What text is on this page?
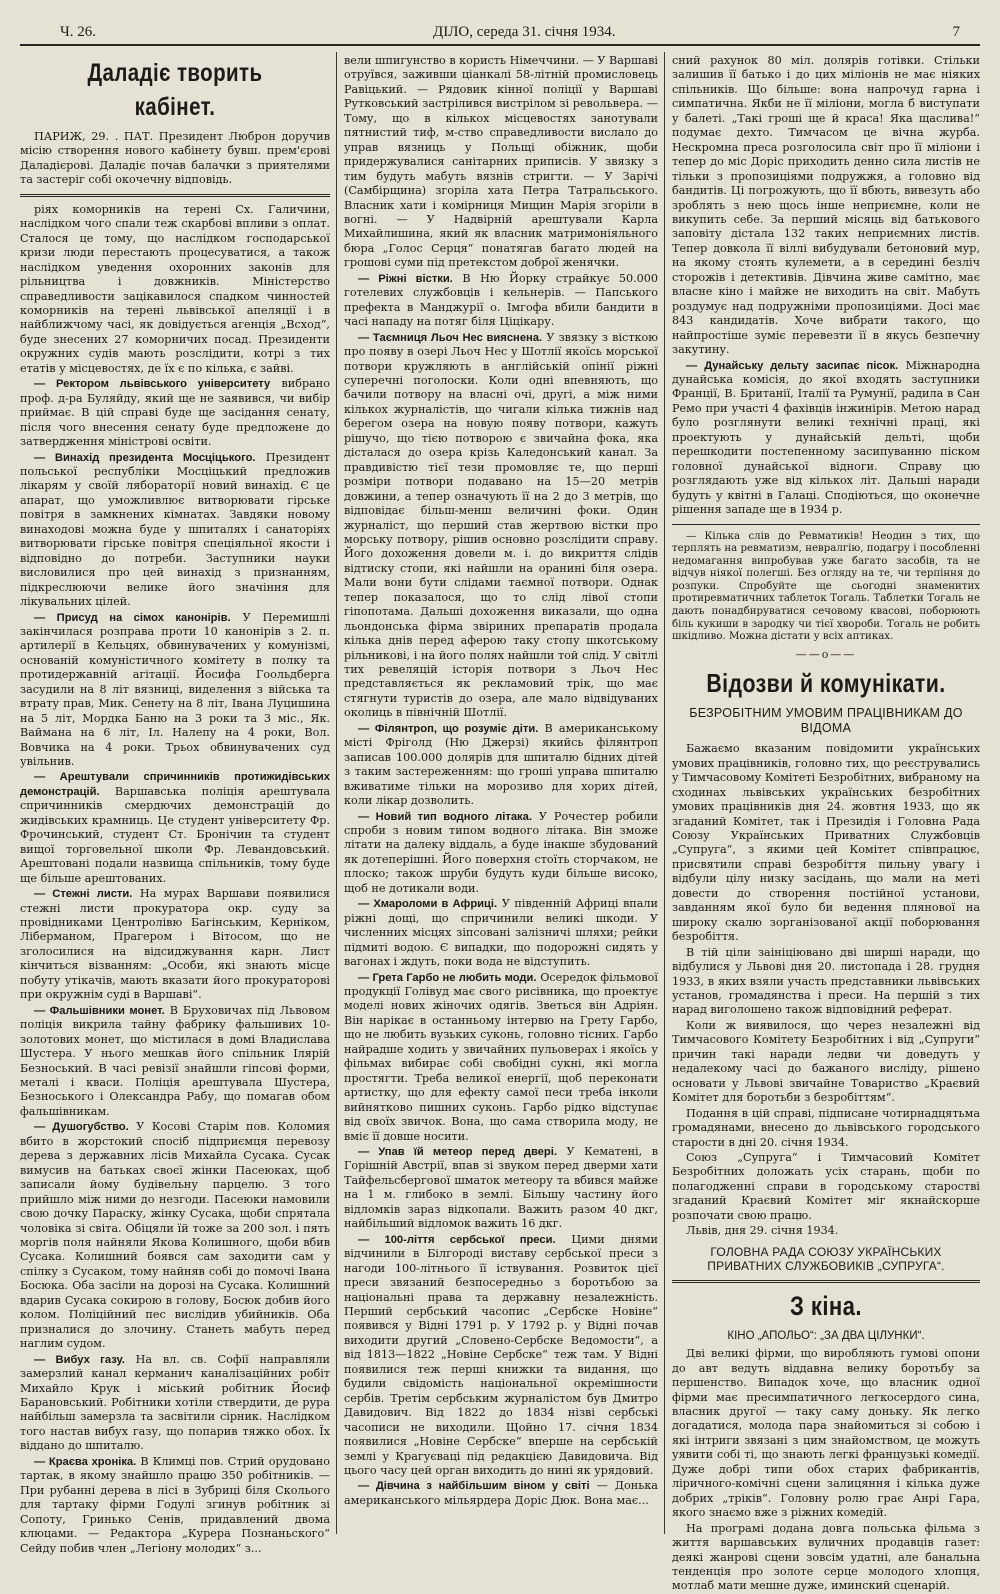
Ч. 26.	ДІЛО, середа 31. січня 1934.	7
Даладіє творить кабінет.

ПАРИЖ, 29. . ПАТ. Президент Люброн доручив місію створення нового кабінету бувш. прем'єрові Даладієрові. Даладіє почав балачки з приятелями та застеріг собі окочечну відповідь.

ріях коморників на терені Сх. Галичини, наслідком чого спали теж скарбові впливи з оплат. Сталося це тому, що наслідком господарської кризи люди перестають процесуватися, а також наслідком уведення охоронних законів для рільництва і довжників. Міністерство справедливости зацікавилося спадком чинностей коморників на терені львівської апеляції і в найближчому часі, як довідується агенція „Всход“, буде знесених 27 коморничих посад. Президенти окружних судів мають розслідити, котрі з тих етатів у місцевостях, де їх є по кілька, є зайві.

— Ректором львівського університету вибрано проф. д-ра Буляйду, який ще не заявився, чи вибір приймає. В цій справі буде ще засідання сенату, після чого внесення сенату буде предложене до затвердження міністрові освіти.

— Винахід президента Мосціцького. Президент польської республіки Мосціцький предложив лікарям у своїй лябораторії новий винахід. Є це апарат, що уможливлює витворювати гірське повітря в замкнених кімнатах. Завдяки новому винаходові можна буде у шпиталях і санаторіях витворювати гірське повітря спеціяльної якости і відповідно до потреби. Заступники науки висловилися про цей винахід з признанням, підкреслюючи велике його значіння для лікувальних цілей.

— Присуд на сімох канонірів. У Перемишлі закінчилася розправа проти 10 канонірів з 2. п. артилерії в Кельцях, обвинувачених у комунізмі, основаній комуністичного комітету в полку та протидержавній агітації. Йосифа Гоольдберга засудили на 8 літ вязниці, виделення з війська та втрату прав, Мик. Сенету на 8 літ, Івана Луцишина на 5 літ, Мордка Баню на 3 роки та 3 міс., Як. Ваймана на 6 літ, Іл. Налепу на 4 роки, Вол. Вовчика на 4 роки. Трьох обвинувачених суд увільнив.

— Арештували спричинників протижидівських демонстрацій. Варшавська поліція арештувала спричинників смердючих демонстрацій до жидівських крамниць. Це студент університету Фр. Фрочинський, студент Ст. Бронічин та студент вищої торговельної школи Фр. Левандовський. Арештовані подали назвища спільників, тому буде ще більше арештованих.

— Стежні листи. На мурах Варшави появилися стежні листи прокуратора окр. суду за провідниками Центролівю Багінським, Керніком, Ліберманом, Прагером і Вітосом, що не зголосилися на відсиджування карн. Лист кінчиться візванням: „Особи, які знають місце побуту утікачів, мають вказати його прокураторові при окружнім суді в Варшаві“.

— Фальшівники монет. В Бруховичах під Львовом поліція викрила тайну фабрику фальшивих 10-золотових монет, що містилася в домі Владислава Шустера. У нього мешкав його спільник Ілярій Безноський. В часі ревізії знайшли гіпсові форми, металі і кваси. Поліція арештувала Шустера, Безноського і Олександра Рабу, що помагав обом фальшівникам.

— Душогубство. У Косові Старім пов. Коломия вбито в жорстокий спосіб підприємця перевозу дерева з державних лісів Михайла Сусака. Сусак вимусив на батьках своєї жінки Пасеюках, щоб записали йому будівельну парцелю. З того прийшло між ними до незгоди. Пасеюки намовили свою дочку Параску, жінку Сусака, щоби спрятала чоловіка зі світа. Обіцяли їй тоже за 200 зол. і пять моргів поля найняли Якова Колишного, щоби вбив Сусака. Колишний боявся сам заходити сам у спілку з Сусаком, тому найняв собі до помочі Івана Босюка. Оба засіли на дорозі на Сусака. Колишний вдарив Сусака сокирою в голову, Босюк добив його колом. Поліційний пес вислідив убийників. Оба призналися до злочину. Станеть мабуть перед наглим судом.

— Вибух газу. На вл. св. Софії направляли замерзлий канал керманич каналізаційних робіт Михайло Крук і міський робітник Йосиф Барановський. Робітники хотіли ствердити, де рура найбільш замерзла та засвітили сірник. Наслідком того настав вибух газу, що попарив тяжко обох. Їх віддано до шпиталю.

— Краєва хроніка. В Климці пов. Стрий орудовано тартак, в якому знайшло працю 350 робітників. — При рубанні дерева в лісі в Зубриці біля Сколього для тартаку фірми Годулі згинув робітник зі Сопоту, Гринько Сенів, придавлений двома клюцами. — Редактора „Курера Познаньского“ Сейду побив член „Легіону молодих“ з...

вели шпигунство в користь Німеччини. — У Варшаві отруївся, заживши ціанкалі 58-літній промисловець Равіцький. — Рядовик кінної поліції у Варшаві Рутковський застрілився вистрілом зі револьвера. — Тому, що в кількох місцевостях занотували пятнистий тиф, м-ство справедливости вислало до управ вязниць у Польщі обіжник, щоби придержувалися санітарних приписів. У звязку з тим будуть мабуть вязнів стригти. — У Зарічі (Самбірщина) згоріла хата Петра Татральського. Власник хати і комірниця Мищин Марія згоріли в вогні. — У Надвірній арештували Карла Михайлишина, який як власник матримоніяльного бюра „Голос Серця“ понатягав багато людей на грошові суми під претекстом доброї женячки.

— Ріжні вістки. В Ню Йорку страйкує 50.000 готелевих службовців і кельнерів. — Папського префекта в Манджурії о. Імгофа вбили бандити в часі нападу на потяг біля Ціцікару.

— Таємниця Льоч Нес вияснена. У звязку з вісткою про появу в озері Льоч Нес у Шотлії якоїсь морської потвори кружляють в англійській опінії ріжні суперечні поголоски. Коли одні впевняють, що бачили потвору на власні очі, другі, а між ними кількох журналістів, що чигали кілька тижнів над берегом озера на новую появу потвори, кажуть рішучо, що тією потворою є звичайна фока, яка дісталася до озера крізь Каледонський канал. За правдивістю тієї тези промовляє те, що перші розміри потвори подавано на 15—20 метрів довжини, а тепер означують її на 2 до 3 метрів, що відповідає більш-менш величині фоки. Один журналіст, що перший став жертвою вістки про морську потвору, рішив основно розслідити справу. Його дохоження довели м. і. до викриття слідів відтиску стопи, які найшли на оранині біля озера. Мали вони бути слідами таємної потвори. Однак тепер показалося, що то слід лівої стопи гіпопотама. Дальші дохоження виказали, що одна льондонська фірма звіриних препаратів продала кілька днів перед аферою таку стопу шкотському рільникові, і на його полях найшли той слід. У світлі тих ревеляцій історія потвори з Льоч Нес представляється як рекламовий трік, що має стягнути туристів до озера, але мало відвідуваних околиць в північній Шотлії.

— Філянтроп, що розуміє діти. В американському місті Фріголд (Ню Джерзі) якийсь філянтроп записав 100.000 долярів для шпиталю бідних дітей з таким застереженням: що гроші управа шпиталю вживатиме тільки на морозиво для хорих дітей, коли лікар дозволить.

— Новий тип водного літака. У Рочестер робили спроби з новим типом водного літака. Він зможе літати на далеку віддаль, а буде інакше збудований як дотеперішні. Його поверхня стоїть сторчаком, не плоско; також шруби будуть куди більше високо, щоб не дотикали води.

— Хмароломи в Африці. У південній Африці впали ріжні дощі, що спричинили великі шкоди. У численних місцях зіпсовані залізничі шляхи; рейки підмиті водою. Є випадки, що подорожні сидять у вагонах і ждуть, поки вода не відступить.

— Грета Гарбо не любить моди. Осередок фільмової продукції Голівуд має свого рисівника, що проектує моделі нових жіночих одягів. Зветься він Адріян. Він нарікає в останньому інтервю на Грету Гарбо, що не любить вузьких суконь, головно тісних. Гарбо найрадше ходить у звичайних пульоверах і якоїсь у фільмах вибирає собі свобідні сукні, які могла простягти. Треба великої енергії, щоб переконати артистку, що для ефекту самої песи треба інколи вийнятково пишних суконь. Гарбо рідко відступає від своїх звичок. Вона, що сама створила моду, не вміє її довше носити.

— Упав їй метеор перед двері. У Кематені, в Горішній Австрії, впав зі звуком перед дверми хати Тайфельсбергової шматок метеору та вбився майже на 1 м. глибоко в землі. Більшу частину його відломків зараз відкопали. Важить разом 40 дкг, найбільший відломок важить 16 дкг.

— 100-ліття сербської преси. Цими днями відчинили в Білгороді виставу сербської преси з нагоди 100-літнього її іствування. Розвиток цієї преси звязаний безпосередньо з боротьбою за національні права та державну незалежність. Перший сербський часопис „Сербске Новіне“ появився у Відні 1791 р. У 1792 р. у Відні почав виходити другий „Словено-Сербске Ведомости“, а від 1813—1822 „Новіне Сербске“ теж там. У Відні появилися теж перші книжки та видання, що будили свідомість національної окремішности сербів. Третім сербським журналістом був Дмитро Давидович. Від 1822 до 1834 нізві сербські часописи не виходили. Щойно 17. січня 1834 появилися „Новіне Сербске“ вперше на сербській землі у Крагуєваці під редакцією Давидовича. Від цього часу цей орган виходить до нині як урядовий.

— Дівчина з найбільшим віном у світі — Донька американського мільярдера Доріс Дюк. Вона має...

сний рахунок 80 міл. долярів готівки. Стільки залишив її батько і до цих міліонів не має ніяких спільників. Що більше: вона напрочуд гарна і симпатична. Якби не її міліони, могла б виступати у балеті. „Такі гроші ще й краса! Яка щаслива!“ подумає дехто. Тимчасом це вічна журба. Нескромна преса розголосила світ про її міліони і тепер до міс Доріс приходить денно сила листів не тільки з пропозиціями подружжя, а головно від бандитів. Ці погрожують, що її вбють, вивезуть або зроблять з нею щось інше неприємне, коли не викупить себе. За перший місяць від батькового заповіту дістала 132 таких неприємних листів. Тепер довкола її віллі вибудували бетоновий мур, на якому стоять кулемети, а в середині безліч сторожів і детективів. Дівчина живе самітно, має власне кіно і майже не виходить на світ. Мабуть роздумує над подружніми пропозиціями. Досі має 843 кандидатів. Хоче вибрати такого, що найпростіше зуміє перевезти її в якусь безпечну закутину.

— Дунайську дельту засипає пісок. Міжнародна дунайська комісія, до якої входять заступники Франції, В. Британії, Італії та Румунії, радила в Сан Ремо при участі 4 фахівців інжинірів. Метою нарад було розглянути великі технічні праці, які проектують у дунайській дельті, щоби перешкодити постепенному засипуванню піском головної дунайської відноги. Справу цю розглядають уже від кількох літ. Дальші наради будуть у квітні в Галаці. Сподіються, що оконечне рішення западе ще в 1934 р.

— Кілька слів до Ревматиків! Неодин з тих, що терплять на ревматизм, невралгію, подагру і пособленні недомагання випробував уже багато засобів, та не відчув ніякої полегші. Без огляду на те, чи терпіння до розпуки. Спробуйте ще сьогодні знаменитих протиревматичних таблеток Тогаль. Таблетки Тогаль не дають понадбируватися сечовому квасові, поборюють біль кукиши в зародку чи тієї хвороби. Тогаль не робить шкідливо. Можна дістати у всіх аптиках.

——o——
Відозви й комунікати.
БЕЗРОБІТНИМ УМОВИМ ПРАЦІВНИКАМ ДО ВІДОМА

Бажаємо вказаним повідомити українських умових працівників, головно тих, що реєструвались у Тимчасовому Комітеті Безробітних, вибраному на сходинах львівських українських безробітних умових працівників дня 24. жовтня 1933, що як згаданий Комітет, так і Президія і Головна Рада Союзу Українських Приватних Службовців „Супруга“, з якими цей Комітет співпрацює, присвятили справі безробіття пильну увагу і відбули цілу низку засідань, що мали на меті довести до створення постійної установи, завданням якої було би ведення плянової на широку скалю зорганізованої акції поборювання безробіття.

В тій ціли заініціювано дві ширші наради, що відбулися у Львові дня 20. листопада і 28. грудня 1933, в яких взяли участь представники львівських установ, громадянства і преси. На першій з тих нарад виголошено також відповідний реферат.

Коли ж виявилося, що через незалежні від Тимчасового Комітету Безробітних і від „Супруги“ причин такі наради ледви чи доведуть у недалекому часі до бажаного висліду, рішено основати у Львові звичайне Товариство „Краєвий Комітет для боротьби з безробіттям“.

Подання в цій справі, підписане чотирнадцятьма громадянами, внесено до львівського городського старости в дні 20. січня 1934.

Союз „Супруга“ і Тимчасовий Комітет Безробітних доложать усіх старань, щоби по полагодженні справи в городському старостві згаданий Краєвий Комітет міг якнайскорше розпочати свою працю.

Львів, дня 29. січня 1934.

ГОЛОВНА РАДА СОЮЗУ УКРАЇНСЬКИХ ПРИВАТНИХ СЛУЖБОВИКІВ „СУПРУГА“.
З кіна.
КІНО „АПОЛЬО“: „ЗА ДВА ЦІЛУНКИ“.

Дві великі фірми, що виробляють гумові опони до авт ведуть віддавна велику боротьбу за першенство. Випадок хоче, що власник одної фірми має пресимпатичного легкосердого сина, власник другої — таку саму доньку. Як легко догадатися, молода пара знайомиться зі собою і які інтриги звязані з цим знайомством, це можуть уявити собі ті, що знають легкі французькі комедії. Дуже добрі типи обох старих фабрикантів, ліричного-комічні сцени залицяння і кілька дуже добрих „тріків“. Головну ролю грає Анрі Гара, якого знаємо вже з ріжних комедій.

На програмі додана довга польська фільма з життя варшавських вуличних продавців газет: деякі жанрові сцени зовсім удатні, але банальна тенденція про золоте серце молодого хлопця, мотлаб мати мешне дуже, иминский сценарій.
